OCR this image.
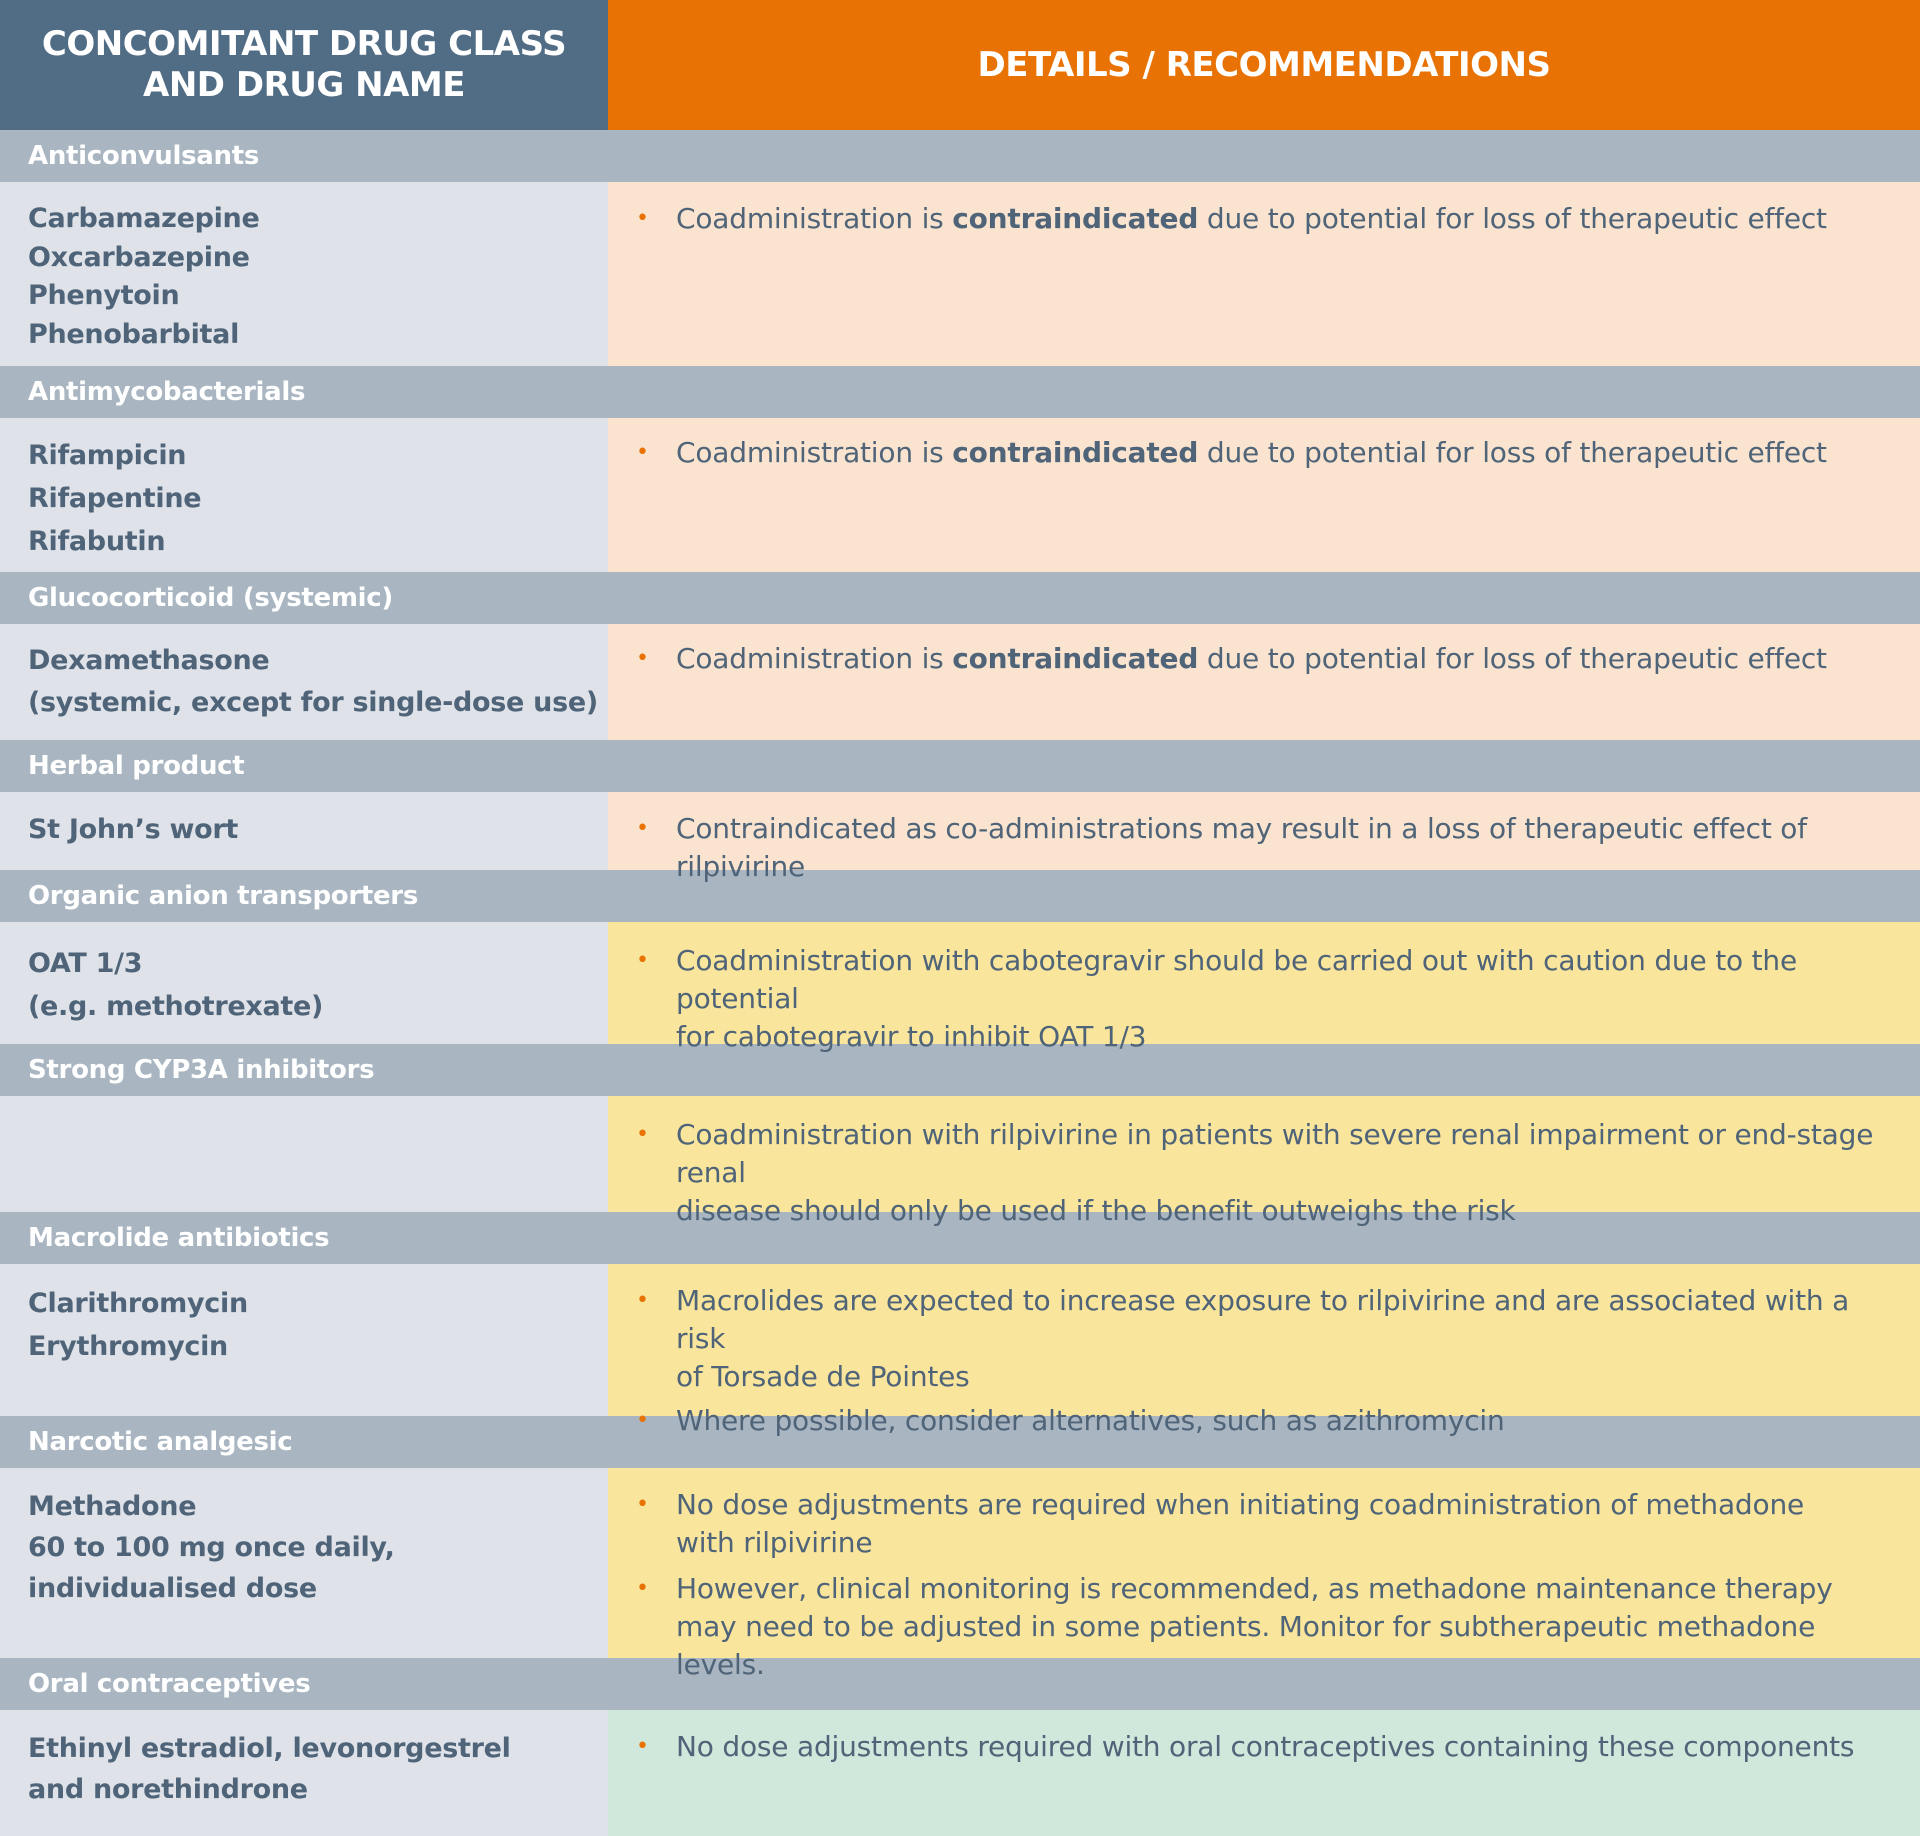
CONCOMITANT DRUG CLASS
AND DRUG NAME	DETAILS / RECOMMENDATIONS
Anticonvulsants
Carbamazepine
Oxcarbazepine
Phenytoin
Phenobarbital
• Coadministration is contraindicated due to potential for loss of therapeutic effect
Antimycobacterials
Rifampicin
Rifapentine
Rifabutin
• Coadministration is contraindicated due to potential for loss of therapeutic effect
Glucocorticoid (systemic)
Dexamethasone
(systemic, except for single-dose use)
• Coadministration is contraindicated due to potential for loss of therapeutic effect
Herbal product
St John’s wort	• Contraindicated as co-administrations may result in a loss of therapeutic effect of rilpivirine
Organic anion transporters
OAT 1/3
(e.g. methotrexate)
• Coadministration with cabotegravir should be carried out with caution due to the potential
for cabotegravir to inhibit OAT 1/3
Strong CYP3A inhibitors
• Coadministration with rilpivirine in patients with severe renal impairment or end-stage renal
disease should only be used if the benefit outweighs the risk
Macrolide antibiotics
Clarithromycin
Erythromycin
• Macrolides are expected to increase exposure to rilpivirine and are associated with a risk
of Torsade de Pointes
• Where possible, consider alternatives, such as azithromycin
Narcotic analgesic
Methadone
60 to 100 mg once daily,
individualised dose
• No dose adjustments are required when initiating coadministration of methadone
with rilpivirine
• However, clinical monitoring is recommended, as methadone maintenance therapy
may need to be adjusted in some patients. Monitor for subtherapeutic methadone levels.
Oral contraceptives
Ethinyl estradiol, levonorgestrel
and norethindrone
• No dose adjustments required with oral contraceptives containing these components
